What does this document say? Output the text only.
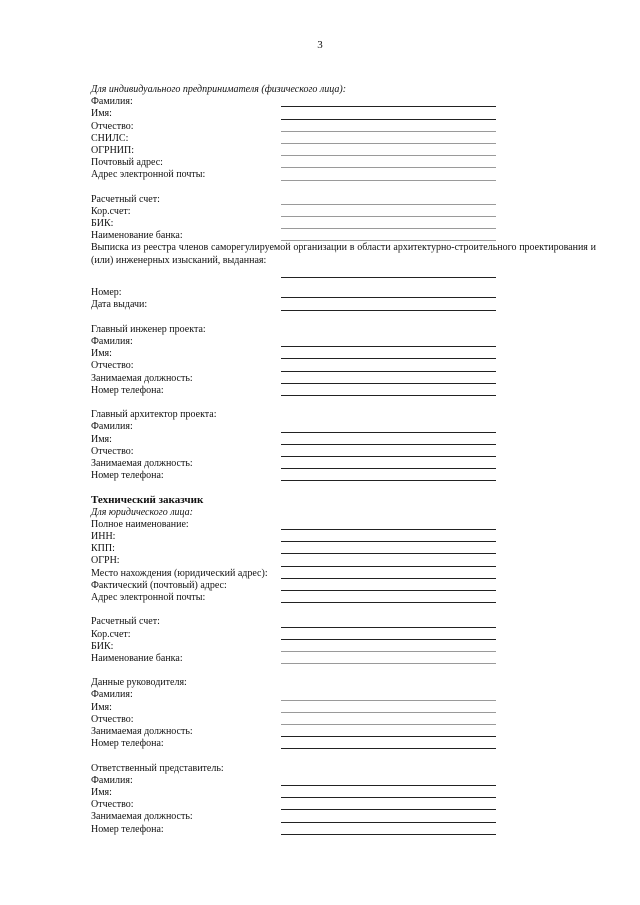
3
Для индивидуального предпринимателя (физического лица):
Фамилия:
Имя:
Отчество:
СНИЛС:
ОГРНИП:
Почтовый адрес:
Адрес электронной почты:
Расчетный счет:
Кор.счет:
БИК:
Наименование банка:
Выписка из реестра членов саморегулируемой организации в области архитектурно-строительного проектирования и (или) инженерных изысканий, выданная:
Номер:
Дата выдачи:
Главный инженер проекта:
Фамилия:
Имя:
Отчество:
Занимаемая должность:
Номер телефона:
Главный архитектор проекта:
Фамилия:
Имя:
Отчество:
Занимаемая должность:
Номер телефона:
Технический заказчик
Для юридического лица:
Полное наименование:
ИНН:
КПП:
ОГРН:
Место нахождения (юридический адрес):
Фактический (почтовый) адрес:
Адрес электронной почты:
Расчетный счет:
Кор.счет:
БИК:
Наименование банка:
Данные руководителя:
Фамилия:
Имя:
Отчество:
Занимаемая должность:
Номер телефона:
Ответственный представитель:
Фамилия:
Имя:
Отчество:
Занимаемая должность:
Номер телефона:
